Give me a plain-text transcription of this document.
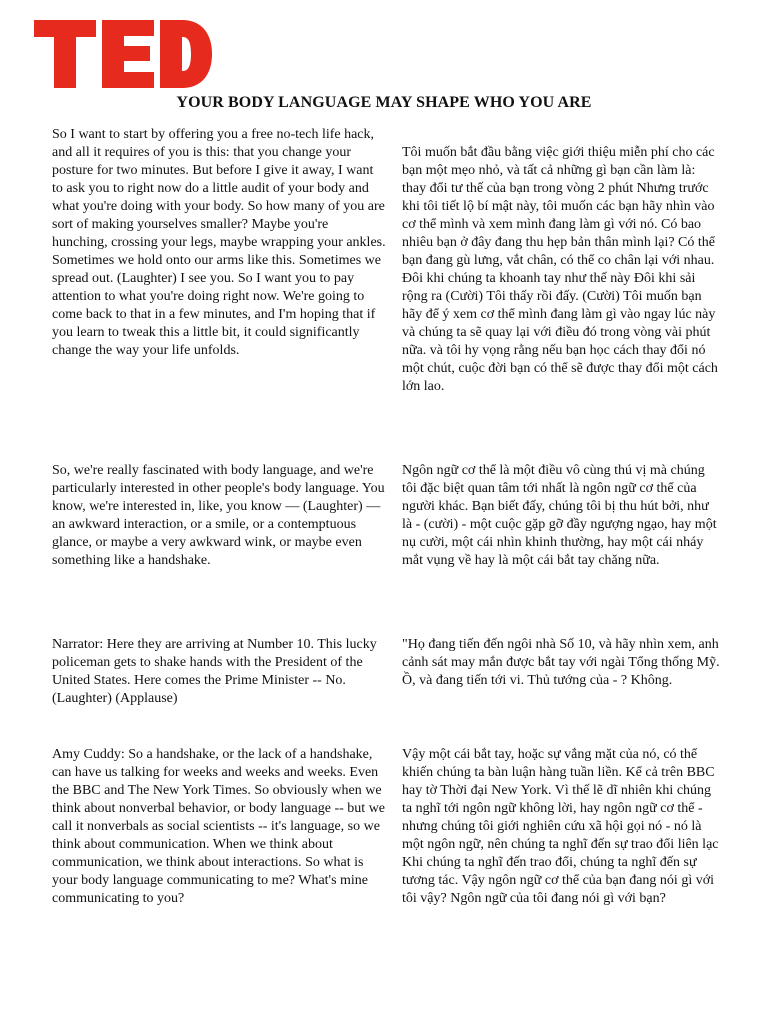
YOUR BODY LANGUAGE MAY SHAPE WHO YOU ARE
So I want to start by offering you a free no-tech life hack, and all it requires of you is this: that you change your posture for two minutes. But before I give it away, I want to ask you to right now do a little audit of your body and what you're doing with your body. So how many of you are sort of making yourselves smaller? Maybe you're hunching, crossing your legs, maybe wrapping your ankles. Sometimes we hold onto our arms like this. Sometimes we spread out. (Laughter) I see you. So I want you to pay attention to what you're doing right now. We're going to come back to that in a few minutes, and I'm hoping that if you learn to tweak this a little bit, it could significantly change the way your life unfolds.
Tôi muốn bắt đầu bằng việc giới thiệu miễn phí cho các bạn một mẹo nhỏ, và tất cả những gì bạn cần làm là: thay đổi tư thế của bạn trong vòng 2 phút Nhưng trước khi tôi tiết lộ bí mật này, tôi muốn các bạn hãy nhìn vào cơ thể mình và xem mình đang làm gì với nó. Có bao nhiêu bạn ở đây đang thu hẹp bản thân mình lại? Có thể bạn đang gù lưng, vắt chân, có thể co chân lại với nhau. Đôi khi chúng ta khoanh tay như thế này Đôi khi sải rộng ra (Cười) Tôi thấy rồi đấy. (Cười) Tôi muốn bạn hãy để ý xem cơ thể mình đang làm gì vào ngay lúc này và chúng ta sẽ quay lại với điều đó trong vòng vài phút nữa. và tôi hy vọng rằng nếu bạn học cách thay đổi nó một chút, cuộc đời bạn có thể sẽ được thay đổi một cách lớn lao.
So, we're really fascinated with body language, and we're particularly interested in other people's body language. You know, we're interested in, like, you know — (Laughter) — an awkward interaction, or a smile, or a contemptuous glance, or maybe a very awkward wink, or maybe even something like a handshake.
Ngôn ngữ cơ thể là một điều vô cùng thú vị mà chúng tôi đặc biệt quan tâm tới nhất là ngôn ngữ cơ thể của người khác. Bạn biết đấy, chúng tôi bị thu hút bởi, như là - (cười) - một cuộc gặp gỡ đầy ngượng ngạo, hay một nụ cười, một cái nhìn khinh thường, hay một cái nháy mắt vụng về hay là một cái bắt tay chăng nữa.
Narrator: Here they are arriving at Number 10. This lucky policeman gets to shake hands with the President of the United States. Here comes the Prime Minister -- No. (Laughter) (Applause)
"Họ đang tiến đến ngôi nhà Số 10, và hãy nhìn xem, anh cảnh sát may mắn được bắt tay với ngài Tổng thống Mỹ. Ồ, và đang tiến tới vi. Thủ tướng của - ? Không.
Amy Cuddy: So a handshake, or the lack of a handshake, can have us talking for weeks and weeks and weeks. Even the BBC and The New York Times. So obviously when we think about nonverbal behavior, or body language -- but we call it nonverbals as social scientists -- it's language, so we think about communication. When we think about communication, we think about interactions. So what is your body language communicating to me? What's mine communicating to you?
Vậy một cái bắt tay, hoặc sự vắng mặt của nó, có thể khiến chúng ta bàn luận hàng tuần liền. Kể cả trên BBC hay tờ Thời đại New York. Vì thế lẽ dĩ nhiên khi chúng ta nghĩ tới ngôn ngữ không lời, hay ngôn ngữ cơ thể - nhưng chúng tôi giới nghiên cứu xã hội gọi nó - nó là một ngôn ngữ, nên chúng ta nghĩ đến sự trao đổi liên lạc Khi chúng ta nghĩ đến trao đổi, chúng ta nghĩ đến sự tương tác. Vậy ngôn ngữ cơ thể của bạn đang nói gì với tôi vậy? Ngôn ngữ của tôi đang nói gì với bạn?
